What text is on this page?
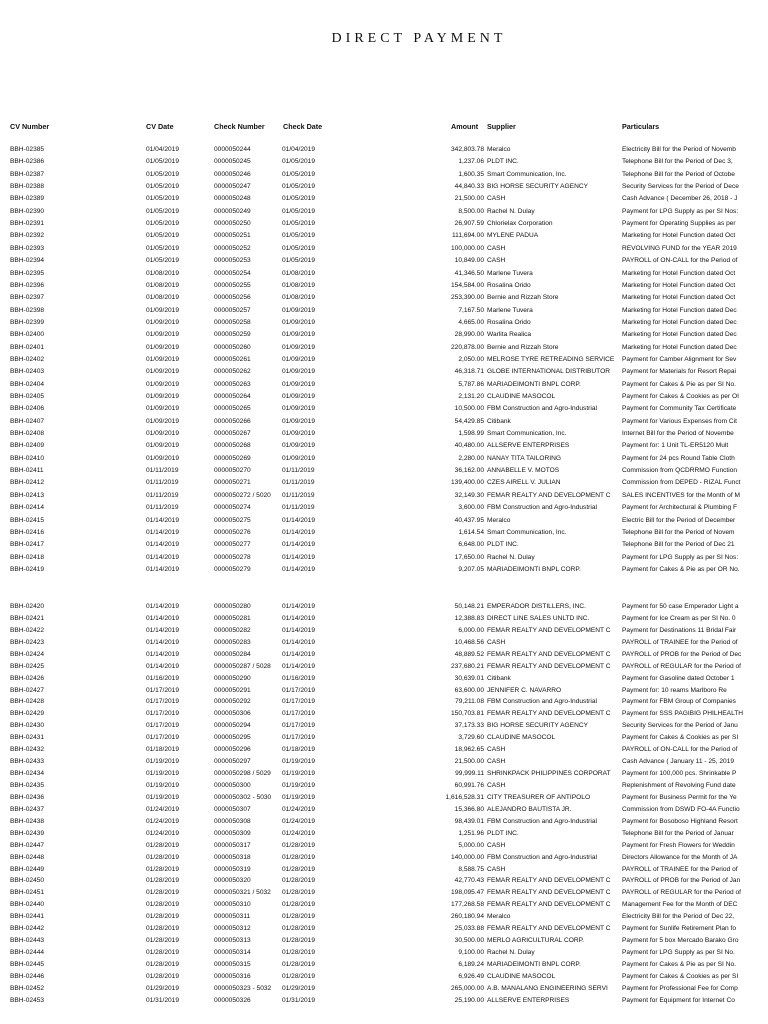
DIRECT PAYMENT
CV Number	CV Date	Check Number	Check Date	Amount Supplier	Particulars
BBH-02385	01/04/2019	0000050244	01/04/2019	342,803.78 Meralco	Electricity Bill for the Period of Novemb
BBH-02386	01/05/2019	0000050245	01/05/2019	1,237.06 PLDT INC.	Telephone Bill for the Period of Dec 3,
BBH-02387	01/05/2019	0000050246	01/05/2019	1,600.35 Smart Communication, Inc.	Telephone Bill for the Period of Octobe
BBH-02388	01/05/2019	0000050247	01/05/2019	44,840.33 BIG HORSE SECURITY AGENCY	Security Services for the Period of Dece
BBH-02389	01/05/2019	0000050248	01/05/2019	21,500.00 CASH	Cash Advance ( December 26, 2018 - J
BBH-02390	01/05/2019	0000050249	01/05/2019	8,500.00 Rachel N. Dulay	Payment for LPG Supply as per SI Nos:
BBH-02391	01/05/2019	0000050250	01/05/2019	26,907.59 Chlorielax Corporation	Payment for Operating Supplies as per
BBH-02392	01/05/2019	0000050251	01/05/2019	111,694.00 MYLENE PADUA	Marketing for Hotel Function dated Oct
BBH-02393	01/05/2019	0000050252	01/05/2019	100,000.00 CASH	REVOLVING FUND for the YEAR 2019
BBH-02394	01/05/2019	0000050253	01/05/2019	10,849.00 CASH	PAYROLL of ON-CALL for the Period of
BBH-02395	01/08/2019	0000050254	01/08/2019	41,346.50 Marlene Tuvera	Marketing for Hotel Function dated Oct
BBH-02396	01/08/2019	0000050255	01/08/2019	154,584.00 Rosalina Orido	Marketing for Hotel Function dated Oct
BBH-02397	01/08/2019	0000050256	01/08/2019	253,390.00 Bernie and Rizzah Store	Marketing for Hotel Function dated Oct
BBH-02398	01/09/2019	0000050257	01/09/2019	7,167.50 Marlene Tuvera	Marketing for Hotel Function dated Dec
BBH-02399	01/09/2019	0000050258	01/09/2019	4,665.00 Rosalina Orido	Marketing for Hotel Function dated Dec
BBH-02400	01/09/2019	0000050259	01/09/2019	28,990.00 Warlita Realica	Marketing for Hotel Function dated Dec
BBH-02401	01/09/2019	0000050260	01/09/2019	220,878.00 Bernie and Rizzah Store	Marketing for Hotel Function dated Dec
BBH-02402	01/09/2019	0000050261	01/09/2019	2,050.00 MELROSE TYRE RETREADING SERVICE	Payment for Camber Alignment for Sev
BBH-02403	01/09/2019	0000050262	01/09/2019	46,318.71 GLOBE INTERNATIONAL DISTRIBUTOR	Payment for Materials for Resort Repai
BBH-02404	01/09/2019	0000050263	01/09/2019	5,787.86 MARIADEIMONTI BNPL CORP.	Payment for Cakes & Pie as per SI No.
BBH-02405	01/09/2019	0000050264	01/09/2019	2,131.20 CLAUDINE MASOCOL	Payment for Cakes & Cookies as per OI
BBH-02406	01/09/2019	0000050265	01/09/2019	10,500.00 FBM Construction and Agro-Industrial	Payment for Community Tax Certificate
BBH-02407	01/09/2019	0000050266	01/09/2019	54,429.85 Citibank	Payment for Various Expenses from Cit
BBH-02408	01/09/2019	0000050267	01/09/2019	1,598.99 Smart Communication, Inc.	Internet Bill for the Period of Novembe
BBH-02409	01/09/2019	0000050268	01/09/2019	40,480.00 ALLSERVE ENTERPRISES	Payment for: 1 Unit TL-ER5120 Mult
BBH-02410	01/09/2019	0000050269	01/09/2019	2,280.00 NANAY TITA TAILORING	Payment for 24 pcs Round Table Cloth
BBH-02411	01/11/2019	0000050270	01/11/2019	36,162.00 ANNABELLE V. MOTOS	Commission from QCDRRMO Function
BBH-02412	01/11/2019	0000050271	01/11/2019	139,400.00 CZES AIRELL V. JULIAN	Commission from DEPED - RIZAL Funct
BBH-02413	01/11/2019	0000050272 / 5020	01/11/2019	32,149.30 FEMAR REALTY AND DEVELOPMENT C	SALES INCENTIVES for the Month of M
BBH-02414	01/11/2019	0000050274	01/11/2019	3,600.00 FBM Construction and Agro-Industrial	Payment for Architectural & Plumbing F
BBH-02415	01/14/2019	0000050275	01/14/2019	40,437.95 Meralco	Electric Bill for the Period of December
BBH-02416	01/14/2019	0000050276	01/14/2019	1,614.54 Smart Communication, Inc.	Telephone Bill for the Period of Novem
BBH-02417	01/14/2019	0000050277	01/14/2019	6,648.00 PLDT INC.	Telephone Bill for the Period of Dec 21
BBH-02418	01/14/2019	0000050278	01/14/2019	17,650.00 Rachel N. Dulay	Payment for LPG Supply as per SI Nos:
BBH-02419	01/14/2019	0000050279	01/14/2019	9,207.05 MARIADEIMONTI BNPL CORP.	Payment for Cakes & Pie as per OR No.
BBH-02420	01/14/2019	0000050280	01/14/2019	50,148.21 EMPERADOR DISTILLERS, INC.	Payment for 50 case Emperador Light a
BBH-02421	01/14/2019	0000050281	01/14/2019	12,388.83 DIRECT LINE SALES UNLTD INC.	Payment for Ice Cream as per SI No. 0
BBH-02422	01/14/2019	0000050282	01/14/2019	6,000.00 FEMAR REALTY AND DEVELOPMENT C	Payment for Destinations 11 Bridal Fair
BBH-02423	01/14/2019	0000050283	01/14/2019	10,468.56 CASH	PAYROLL of TRAINEE for the Period of
BBH-02424	01/14/2019	0000050284	01/14/2019	48,889.52 FEMAR REALTY AND DEVELOPMENT C	PAYROLL of PROB for the Period of Dec
BBH-02425	01/14/2019	0000050287 / 5028	01/14/2019	237,680.21 FEMAR REALTY AND DEVELOPMENT C	PAYROLL of REGULAR for the Period of
BBH-02426	01/16/2019	0000050290	01/16/2019	30,639.01 Citibank	Payment for Gasoline dated October 1
BBH-02427	01/17/2019	0000050291	01/17/2019	63,600.00 JENNIFER C. NAVARRO	Payment for: 10 reams Marlboro Re
BBH-02428	01/17/2019	0000050292	01/17/2019	79,211.08 FBM Construction and Agro-Industrial	Payment for FBM Group of Companies
BBH-02429	01/17/2019	0000050306	01/17/2019	150,703.81 FEMAR REALTY AND DEVELOPMENT C	Payment for SSS PAGIBIG PHILHEALTH
BBH-02430	01/17/2019	0000050294	01/17/2019	37,173.33 BIG HORSE SECURITY AGENCY	Security Services for the Period of Janu
BBH-02431	01/17/2019	0000050295	01/17/2019	3,729.60 CLAUDINE MASOCOL	Payment for Cakes & Cookies as per SI
BBH-02432	01/18/2019	0000050296	01/18/2019	18,962.65 CASH	PAYROLL of ON-CALL for the Period of
BBH-02433	01/19/2019	0000050297	01/19/2019	21,500.00 CASH	Cash Advance ( January 11 - 25, 2019
BBH-02434	01/19/2019	0000050298 / 5029	01/19/2019	99,999.11 SHRINKPACK PHILIPPINES CORPORAT	Payment for 100,000 pcs. Shrinkable P
BBH-02435	01/19/2019	0000050300	01/19/2019	60,991.76 CASH	Replenishment of Revolving Fund date
BBH-02436	01/19/2019	0000050302 - 5030	01/19/2019	1,616,528.31 CITY TREASURER OF ANTIPOLO	Payment for Business Permit for the Ye
BBH-02437	01/24/2019	0000050307	01/24/2019	15,366.80 ALEJANDRO BAUTISTA JR.	Commission from DSWD FO-4A Functio
BBH-02438	01/24/2019	0000050308	01/24/2019	98,439.01 FBM Construction and Agro-Industrial	Payment for Bosoboso Highland Resort
BBH-02439	01/24/2019	0000050309	01/24/2019	1,251.96 PLDT INC.	Telephone Bill for the Period of Januar
BBH-02447	01/28/2019	0000050317	01/28/2019	5,000.00 CASH	Payment for Fresh Flowers for Weddin
BBH-02448	01/28/2019	0000050318	01/28/2019	140,000.00 FBM Construction and Agro-Industrial	Directors Allowance for the Month of JA
BBH-02449	01/28/2019	0000050319	01/28/2019	8,588.75 CASH	PAYROLL of TRAINEE for the Period of
BBH-02450	01/28/2019	0000050320	01/28/2019	42,770.43 FEMAR REALTY AND DEVELOPMENT C	PAYROLL of PROB for the Period of Jan
BBH-02451	01/28/2019	0000050321 / 5032	01/28/2019	198,095.47 FEMAR REALTY AND DEVELOPMENT C	PAYROLL of REGULAR for the Period of
BBH-02440	01/28/2019	0000050310	01/28/2019	177,268.58 FEMAR REALTY AND DEVELOPMENT C	Management Fee for the Month of DEC
BBH-02441	01/28/2019	0000050311	01/28/2019	260,180.94 Meralco	Electricity Bill for the Period of Dec 22,
BBH-02442	01/28/2019	0000050312	01/28/2019	25,033.88 FEMAR REALTY AND DEVELOPMENT C	Payment for Sunlife Retirement Plan fo
BBH-02443	01/28/2019	0000050313	01/28/2019	30,500.00 MERLO AGRICULTURAL CORP.	Payment for 5 box Mercado Barako Gro
BBH-02444	01/28/2019	0000050314	01/28/2019	9,100.00 Rachel N. Dulay	Payment for LPG Supply as per SI No.
BBH-02445	01/28/2019	0000050315	01/28/2019	6,189.24 MARIADEIMONTI BNPL CORP.	Payment for Cakes & Pie as per SI No.
BBH-02446	01/28/2019	0000050316	01/28/2019	6,926.49 CLAUDINE MASOCOL	Payment for Cakes & Cookies as per SI
BBH-02452	01/29/2019	0000050323 - 5032	01/29/2019	265,000.00 A.B. MANALANG ENGINEERING SERVI	Payment for Professional Fee for Comp
BBH-02453	01/31/2019	0000050326	01/31/2019	25,190.00 ALLSERVE ENTERPRISES	Payment for Equipment for Internet Co
